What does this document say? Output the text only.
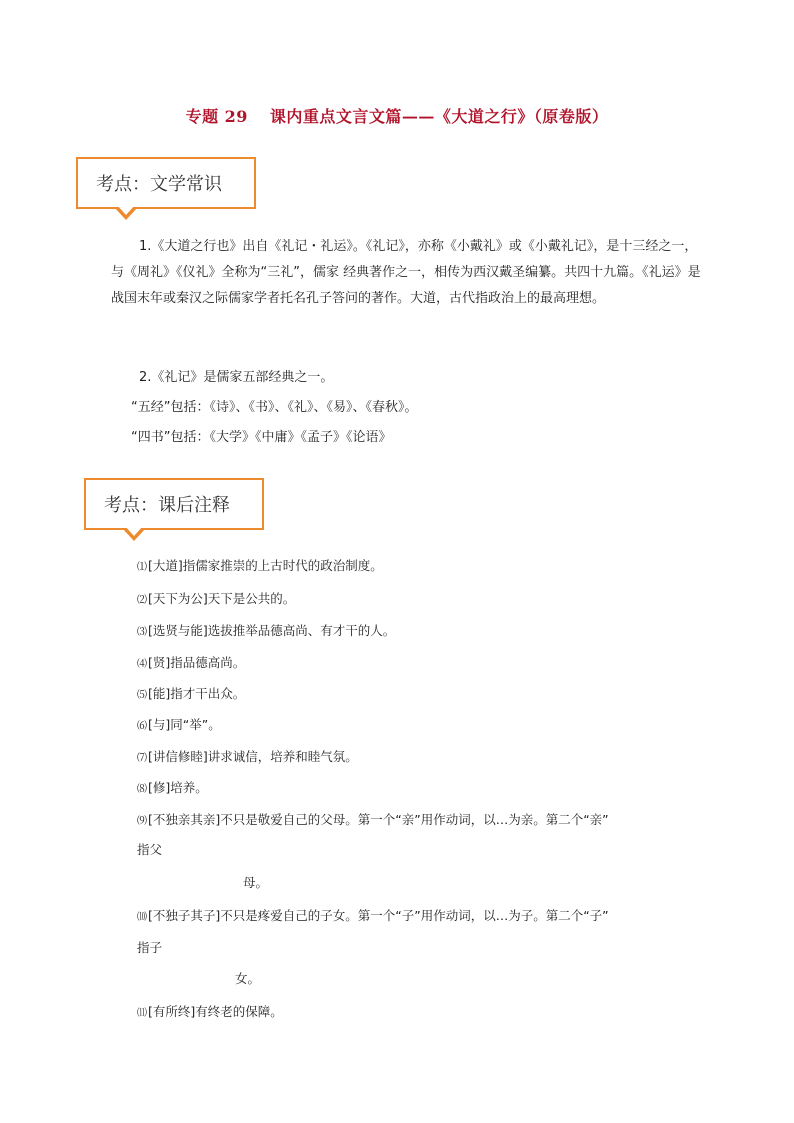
专题 29 课内重点文言文篇——《大道之行》（原卷版）
考点：文学常识
1.《大道之行也》出自《礼记・礼运》。《礼记》，亦称《小戴礼》或《小戴礼记》，是十三经之一，与《周礼》《仪礼》全称为“三礼”，儒家 经典著作之一，相传为西汉戴圣编纂。共四十九篇。《礼运》是战国末年或秦汉之际儒家学者托名孔子答问的著作。大道，古代指政治上的最高理想。
2.《礼记》是儒家五部经典之一。
“五经”包括：《诗》、《书》、《礼》、《易》、《春秋》。
“四书”包括：《大学》《中庸》《孟子》《论语》
考点：课后注释
⑴[大道]指儒家推崇的上古时代的政治制度。
⑵[天下为公]天下是公共的。
⑶[选贤与能]选拔推举品德高尚、有才干的人。
⑷[贤]指品德高尚。
⑸[能]指才干出众。
⑹[与]同“举”。
⑺[讲信修睦]讲求诚信，培养和睦气氛。
⑻[修]培养。
⑼[不独亲其亲]不只是敬爱自己的父母。第一个“亲”用作动词，以…为亲。第二个“亲”
指父
母。
⑽[不独子其子]不只是疼爱自己的子女。第一个“子”用作动词，以…为子。第二个“子”
指子
女。
⑾[有所终]有终老的保障。
